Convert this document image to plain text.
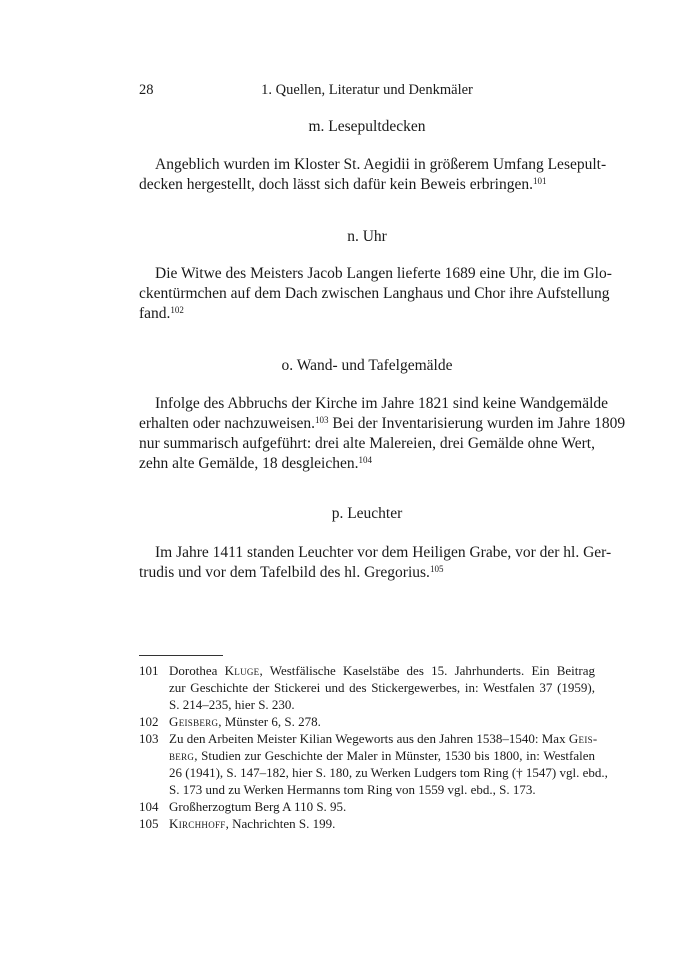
28	1. Quellen, Literatur und Denkmäler
m. Lesepultdecken

Angeblich wurden im Kloster St. Aegidii in größerem Umfang Lesepult-
decken hergestellt, doch lässt sich dafür kein Beweis erbringen.$^{101}$

n. Uhr

Die Witwe des Meisters Jacob Langen lieferte 1689 eine Uhr, die im Glo-
ckentürmchen auf dem Dach zwischen Langhaus und Chor ihre Aufstellung
fand.$^{102}$

o. Wand- und Tafelgemälde

Infolge des Abbruchs der Kirche im Jahre 1821 sind keine Wandgemälde
erhalten oder nachzuweisen.$^{103}$ Bei der Inventarisierung wurden im Jahre 1809
nur summarisch aufgeführt: drei alte Malereien, drei Gemälde ohne Wert,
zehn alte Gemälde, 18 desgleichen.$^{104}$

p. Leuchter

Im Jahre 1411 standen Leuchter vor dem Heiligen Grabe, vor der hl. Ger-
trudis und vor dem Tafelbild des hl. Gregorius.$^{105}$

101 Dorothea Kluge, Westfälische Kaselstäbe des 15. Jahrhunderts. Ein Beitrag
zur Geschichte der Stickerei und des Stickergewerbes, in: Westfalen 37 (1959),
S. 214–235, hier S. 230.
102 Geisberg, Münster 6, S. 278.
103 Zu den Arbeiten Meister Kilian Wegeworts aus den Jahren 1538–1540: Max Geis-
berg, Studien zur Geschichte der Maler in Münster, 1530 bis 1800, in: Westfalen
26 (1941), S. 147–182, hier S. 180, zu Werken Ludgers tom Ring († 1547) vgl. ebd.,
S. 173 und zu Werken Hermanns tom Ring von 1559 vgl. ebd., S. 173.
104 Großherzogtum Berg A 110 S. 95.
105 Kirchhoff, Nachrichten S. 199.
